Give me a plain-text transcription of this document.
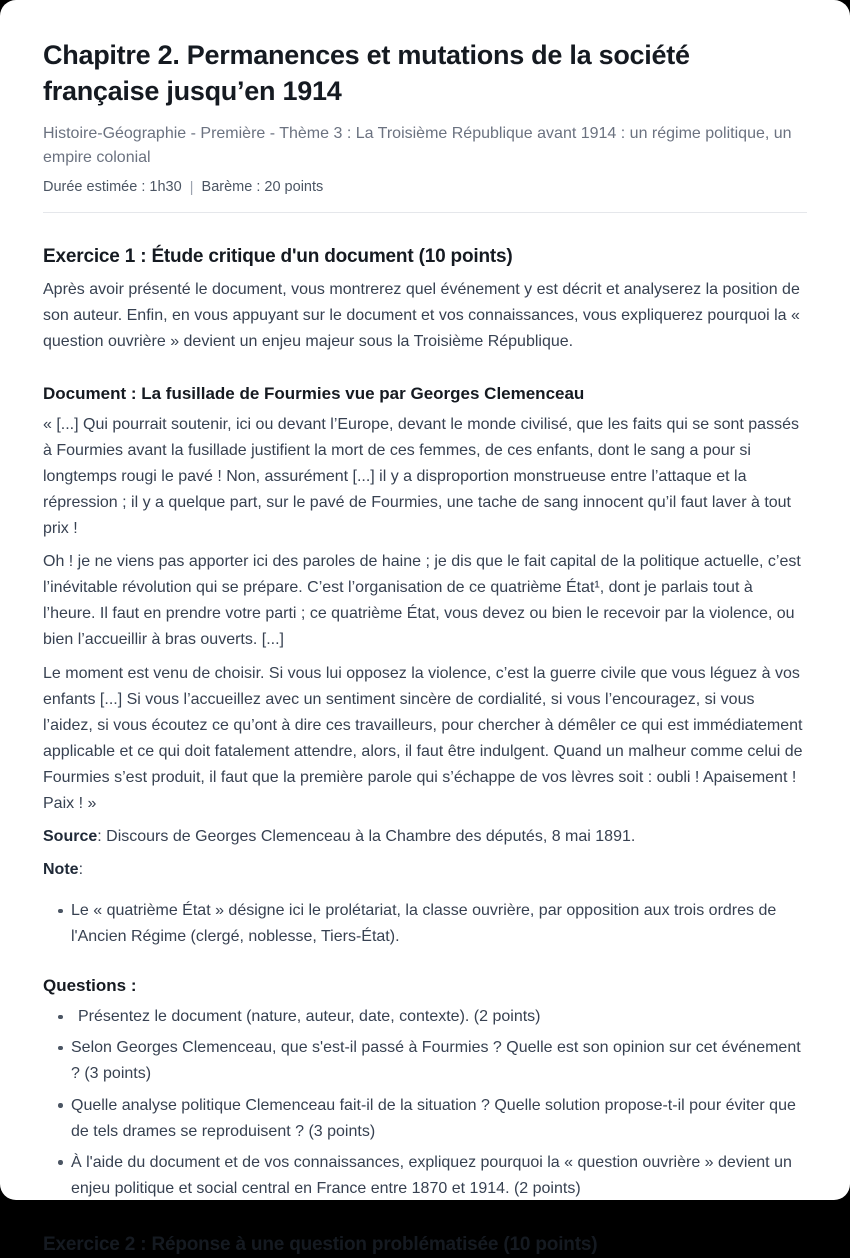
Chapitre 2. Permanences et mutations de la société française jusqu’en 1914
Histoire-Géographie - Première - Thème 3 : La Troisième République avant 1914 : un régime politique, un empire colonial
Durée estimée : 1h30 | Barème : 20 points
Exercice 1 : Étude critique d'un document (10 points)

Après avoir présenté le document, vous montrerez quel événement y est décrit et analyserez la position de son auteur. Enfin, en vous appuyant sur le document et vos connaissances, vous expliquerez pourquoi la « question ouvrière » devient un enjeu majeur sous la Troisième République.

Document : La fusillade de Fourmies vue par Georges Clemenceau

« [...] Qui pourrait soutenir, ici ou devant l’Europe, devant le monde civilisé, que les faits qui se sont passés à Fourmies avant la fusillade justifient la mort de ces femmes, de ces enfants, dont le sang a pour si longtemps rougi le pavé ! Non, assurément [...] il y a disproportion monstrueuse entre l’attaque et la répression ; il y a quelque part, sur le pavé de Fourmies, une tache de sang innocent qu’il faut laver à tout prix !

Oh ! je ne viens pas apporter ici des paroles de haine ; je dis que le fait capital de la politique actuelle, c’est l’inévitable révolution qui se prépare. C’est l’organisation de ce quatrième État¹, dont je parlais tout à l’heure. Il faut en prendre votre parti ; ce quatrième État, vous devez ou bien le recevoir par la violence, ou bien l’accueillir à bras ouverts. [...]

Le moment est venu de choisir. Si vous lui opposez la violence, c’est la guerre civile que vous léguez à vos enfants [...] Si vous l’accueillez avec un sentiment sincère de cordialité, si vous l’encouragez, si vous l’aidez, si vous écoutez ce qu’ont à dire ces travailleurs, pour chercher à démêler ce qui est immédiatement applicable et ce qui doit fatalement attendre, alors, il faut être indulgent. Quand un malheur comme celui de Fourmies s’est produit, il faut que la première parole qui s’échappe de vos lèvres soit : oubli ! Apaisement ! Paix ! »

Source: Discours de Georges Clemenceau à la Chambre des députés, 8 mai 1891.

Note:

Le « quatrième État » désigne ici le prolétariat, la classe ouvrière, par opposition aux trois ordres de l'Ancien Régime (clergé, noblesse, Tiers-État).
Questions :
Présentez le document (nature, auteur, date, contexte). (2 points)
Selon Georges Clemenceau, que s'est-il passé à Fourmies ? Quelle est son opinion sur cet événement ? (3 points)
Quelle analyse politique Clemenceau fait-il de la situation ? Quelle solution propose-t-il pour éviter que de tels drames se reproduisent ? (3 points)
À l'aide du document et de vos connaissances, expliquez pourquoi la « question ouvrière » devient un enjeu politique et social central en France entre 1870 et 1914. (2 points)
Exercice 2 : Réponse à une question problématisée (10 points)
